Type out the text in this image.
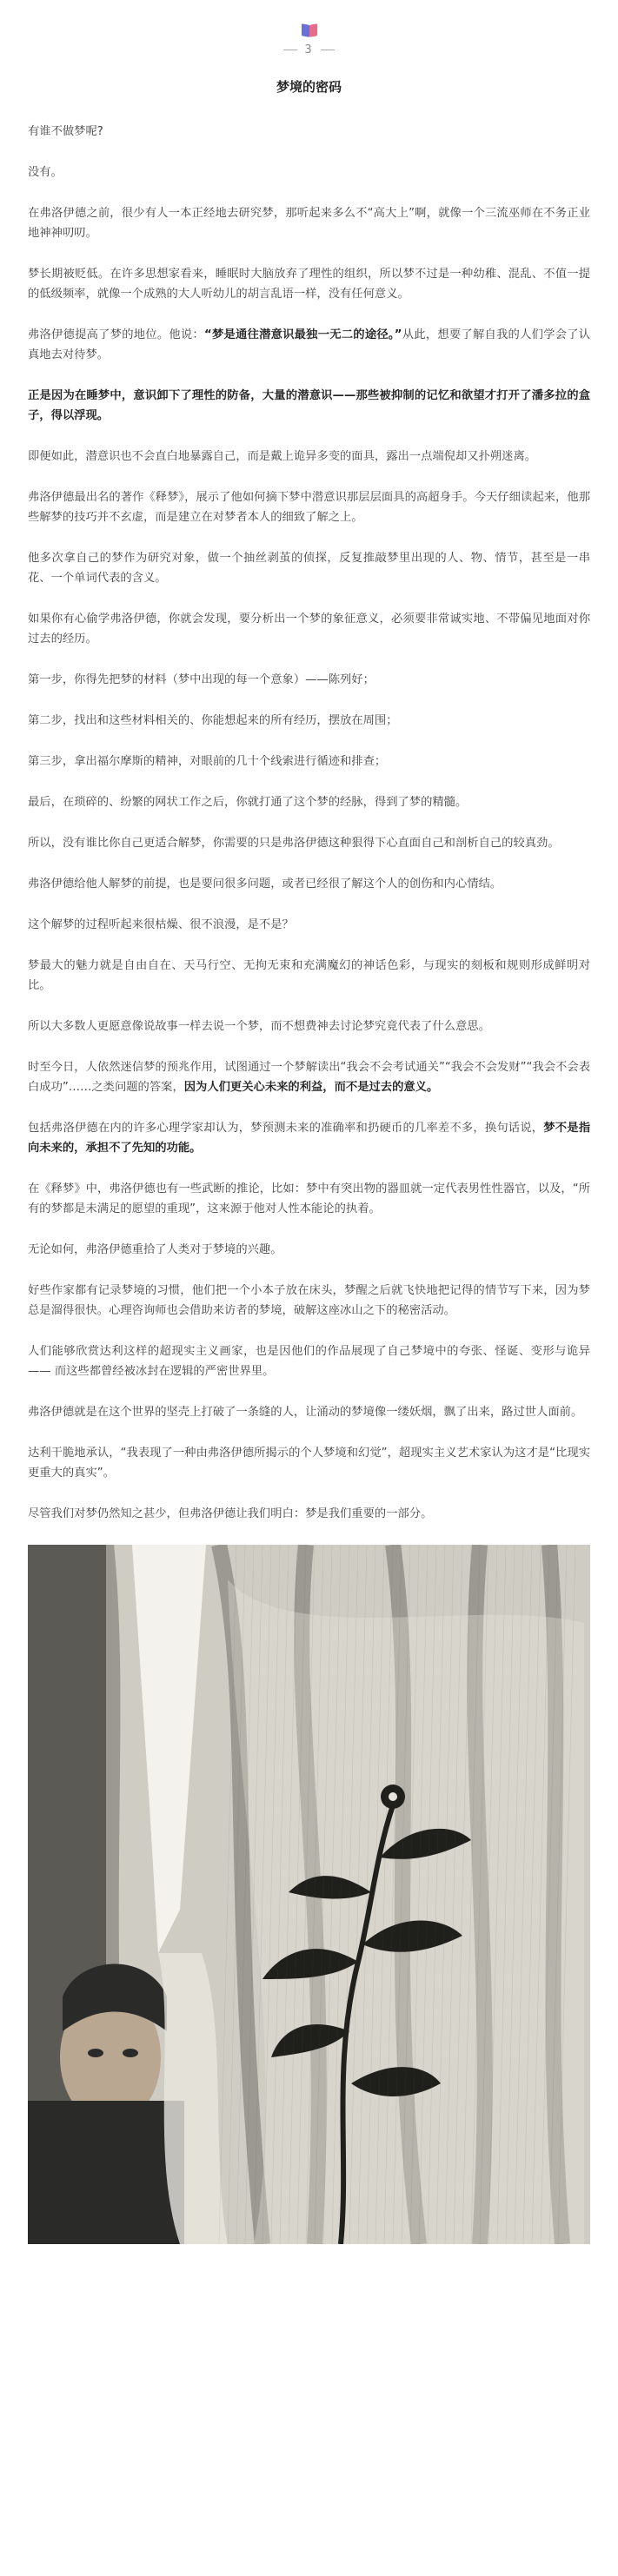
3
梦境的密码

有谁不做梦呢?

没有。

在弗洛伊德之前，很少有人一本正经地去研究梦，那听起来多么不“高大上”啊，就像一个三流巫师在不务正业地神神叨叨。

梦长期被贬低。在许多思想家看来，睡眠时大脑放弃了理性的组织，所以梦不过是一种幼稚、混乱、不值一提的低级频率，就像一个成熟的大人听幼儿的胡言乱语一样，没有任何意义。

弗洛伊德提高了梦的地位。他说：“梦是通往潜意识最独一无二的途径。”从此，想要了解自我的人们学会了认真地去对待梦。

正是因为在睡梦中，意识卸下了理性的防备，大量的潜意识——那些被抑制的记忆和欲望才打开了潘多拉的盒子，得以浮现。

即便如此，潜意识也不会直白地暴露自己，而是戴上诡异多变的面具，露出一点端倪却又扑朔迷离。

弗洛伊德最出名的著作《释梦》，展示了他如何摘下梦中潜意识那层层面具的高超身手。今天仔细读起来，他那些解梦的技巧并不玄虚，而是建立在对梦者本人的细致了解之上。

他多次拿自己的梦作为研究对象，做一个抽丝剥茧的侦探，反复推敲梦里出现的人、物、情节，甚至是一串花、一个单词代表的含义。

如果你有心偷学弗洛伊德，你就会发现，要分析出一个梦的象征意义，必须要非常诚实地、不带偏见地面对你过去的经历。

第一步，你得先把梦的材料（梦中出现的每一个意象）——陈列好；

第二步，找出和这些材料相关的、你能想起来的所有经历，摆放在周围；

第三步，拿出福尔摩斯的精神，对眼前的几十个线索进行循迹和排查；

最后，在琐碎的、纷繁的网状工作之后，你就打通了这个梦的经脉，得到了梦的精髓。

所以，没有谁比你自己更适合解梦，你需要的只是弗洛伊德这种狠得下心直面自己和剖析自己的较真劲。

弗洛伊德给他人解梦的前提，也是要问很多问题，或者已经很了解这个人的创伤和内心情结。

这个解梦的过程听起来很枯燥、很不浪漫，是不是？

梦最大的魅力就是自由自在、天马行空、无拘无束和充满魔幻的神话色彩，与现实的刻板和规则形成鲜明对比。

所以大多数人更愿意像说故事一样去说一个梦，而不想费神去讨论梦究竟代表了什么意思。

时至今日，人依然迷信梦的预兆作用，试图通过一个梦解读出“我会不会考试通关”“我会不会发财”“我会不会表白成功”……之类问题的答案，因为人们更关心未来的利益，而不是过去的意义。

包括弗洛伊德在内的许多心理学家却认为，梦预测未来的准确率和扔硬币的几率差不多，换句话说，梦不是指向未来的，承担不了先知的功能。

在《释梦》中，弗洛伊德也有一些武断的推论，比如：梦中有突出物的器皿就一定代表男性性器官，以及，“所有的梦都是未满足的愿望的重现”，这来源于他对人性本能论的执着。

无论如何，弗洛伊德重拾了人类对于梦境的兴趣。

好些作家都有记录梦境的习惯，他们把一个小本子放在床头，梦醒之后就飞快地把记得的情节写下来，因为梦总是溜得很快。心理咨询师也会借助来访者的梦境，破解这座冰山之下的秘密活动。

人们能够欣赏达利这样的超现实主义画家，也是因他们的作品展现了自己梦境中的夸张、怪诞、变形与诡异 —— 而这些都曾经被冰封在逻辑的严密世界里。

弗洛伊德就是在这个世界的坚壳上打破了一条缝的人，让涌动的梦境像一缕妖烟，飘了出来，路过世人面前。

达利干脆地承认，“我表现了一种由弗洛伊德所揭示的个人梦境和幻觉”，超现实主义艺术家认为这才是“比现实更重大的真实”。

尽管我们对梦仍然知之甚少，但弗洛伊德让我们明白：梦是我们重要的一部分。
